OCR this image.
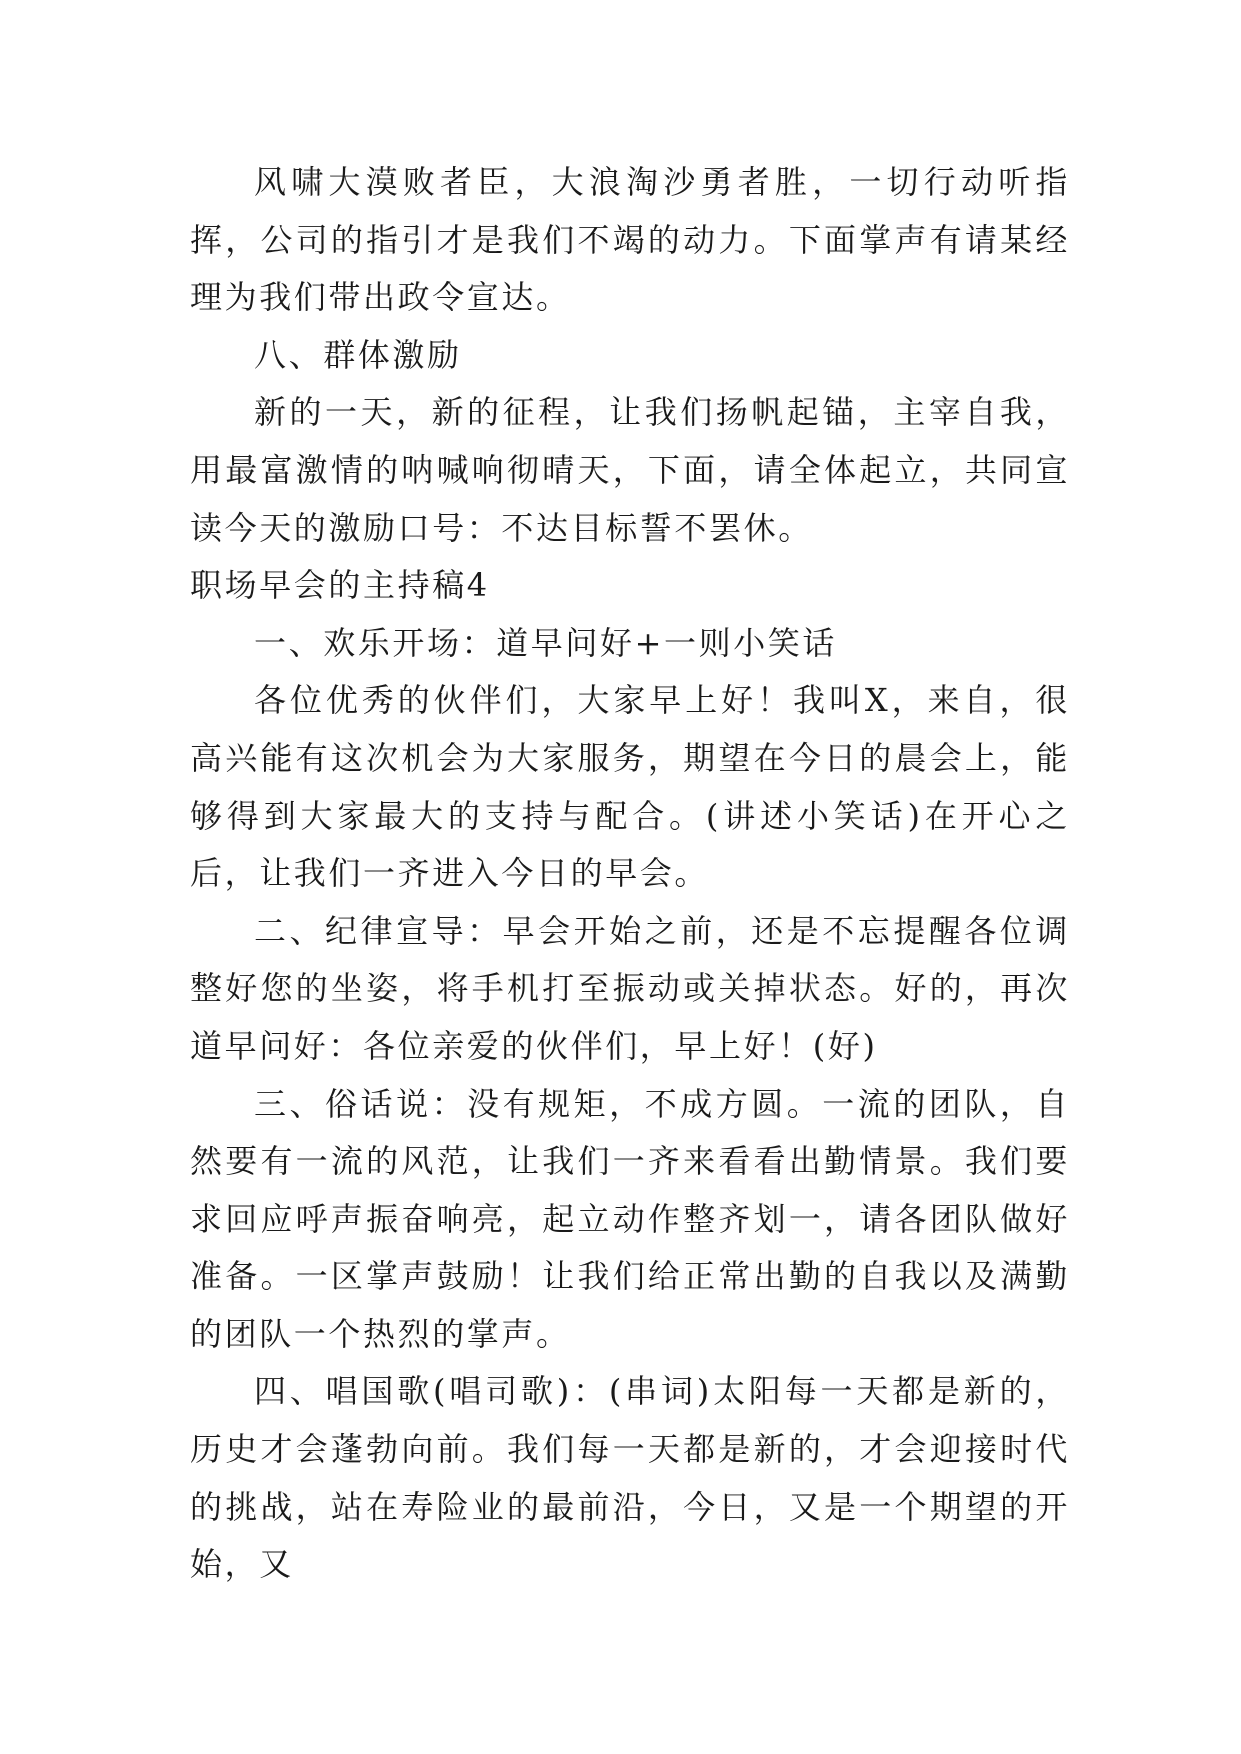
风啸大漠败者臣，大浪淘沙勇者胜，一切行动听指挥，公司的指引才是我们不竭的动力。下面掌声有请某经理为我们带出政令宣达。

八、群体激励

新的一天，新的征程，让我们扬帆起锚，主宰自我，用最富激情的呐喊响彻晴天，下面，请全体起立，共同宣读今天的激励口号：不达目标誓不罢休。

职场早会的主持稿4

一、欢乐开场：道早问好+一则小笑话

各位优秀的伙伴们，大家早上好！我叫X，来自，很高兴能有这次机会为大家服务，期望在今日的晨会上，能够得到大家最大的支持与配合。(讲述小笑话)在开心之后，让我们一齐进入今日的早会。

二、纪律宣导：早会开始之前，还是不忘提醒各位调整好您的坐姿，将手机打至振动或关掉状态。好的，再次道早问好：各位亲爱的伙伴们，早上好！(好)

三、俗话说：没有规矩，不成方圆。一流的团队，自然要有一流的风范，让我们一齐来看看出勤情景。我们要求回应呼声振奋响亮，起立动作整齐划一，请各团队做好准备。一区掌声鼓励！让我们给正常出勤的自我以及满勤的团队一个热烈的掌声。

四、唱国歌(唱司歌)：(串词)太阳每一天都是新的，历史才会蓬勃向前。我们每一天都是新的，才会迎接时代的挑战，站在寿险业的最前沿，今日，又是一个期望的开始，又
